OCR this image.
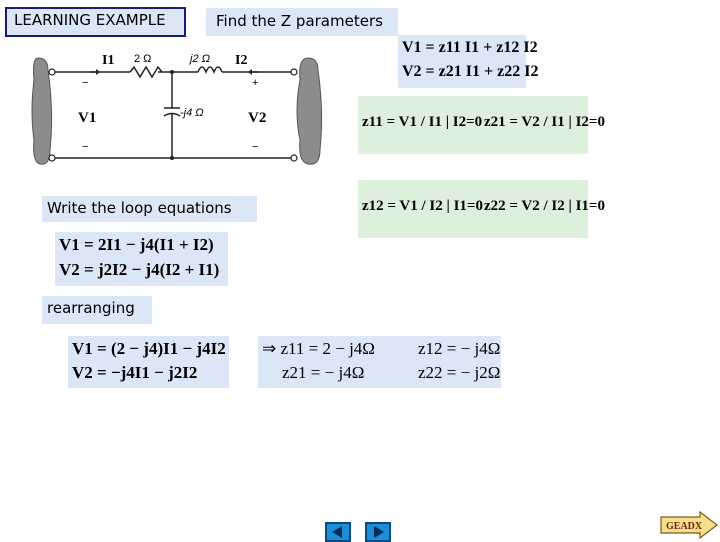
LEARNING EXAMPLE	Find the Z parameters
I1 2 Ω	j2 Ω I2
-j4 Ω
V1	V2
+
−
−	−
V1 = z11 I1 + z12 I2
V2 = z21 I1 + z22 I2
z11 = V1 / I1 | I2=0 z21 = V2 / I1 | I2=0
z12 = V1 / I2 | I1=0 z22 = V2 / I2 | I1=0
Write the loop equations
V1 = 2I1 − j4(I1 + I2)
V2 = j2I2 − j4(I2 + I1)
rearranging
V1 = (2 − j4)I1 − j4I2
V2 = −j4I1 − j2I2
⇒ z11 = 2 − j4Ω	z12 = − j4Ω
z21 = − j4Ω	z22 = − j2Ω
GEADX
